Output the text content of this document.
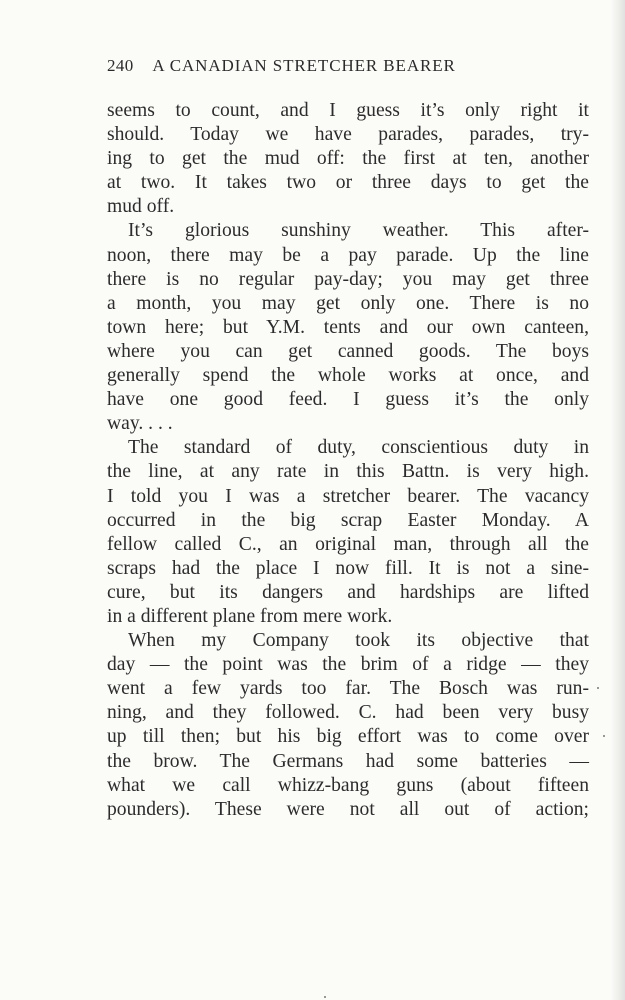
240 A CANADIAN STRETCHER BEARER
seems to count, and I guess it’s only right it
should. Today we have parades, parades, try-
ing to get the mud off: the first at ten, another
at two. It takes two or three days to get the
mud off.
It’s glorious sunshiny weather. This after-
noon, there may be a pay parade. Up the line
there is no regular pay-day; you may get three
a month, you may get only one. There is no
town here; but Y.M. tents and our own canteen,
where you can get canned goods. The boys
generally spend the whole works at once, and
have one good feed. I guess it’s the only
way. . . .
The standard of duty, conscientious duty in
the line, at any rate in this Battn. is very high.
I told you I was a stretcher bearer. The vacancy
occurred in the big scrap Easter Monday. A
fellow called C., an original man, through all the
scraps had the place I now fill. It is not a sine-
cure, but its dangers and hardships are lifted
in a different plane from mere work.
When my Company took its objective that
day — the point was the brim of a ridge — they
went a few yards too far. The Bosch was run-
ning, and they followed. C. had been very busy
up till then; but his big effort was to come over
the brow. The Germans had some batteries —
what we call whizz-bang guns (about fifteen
pounders). These were not all out of action;
